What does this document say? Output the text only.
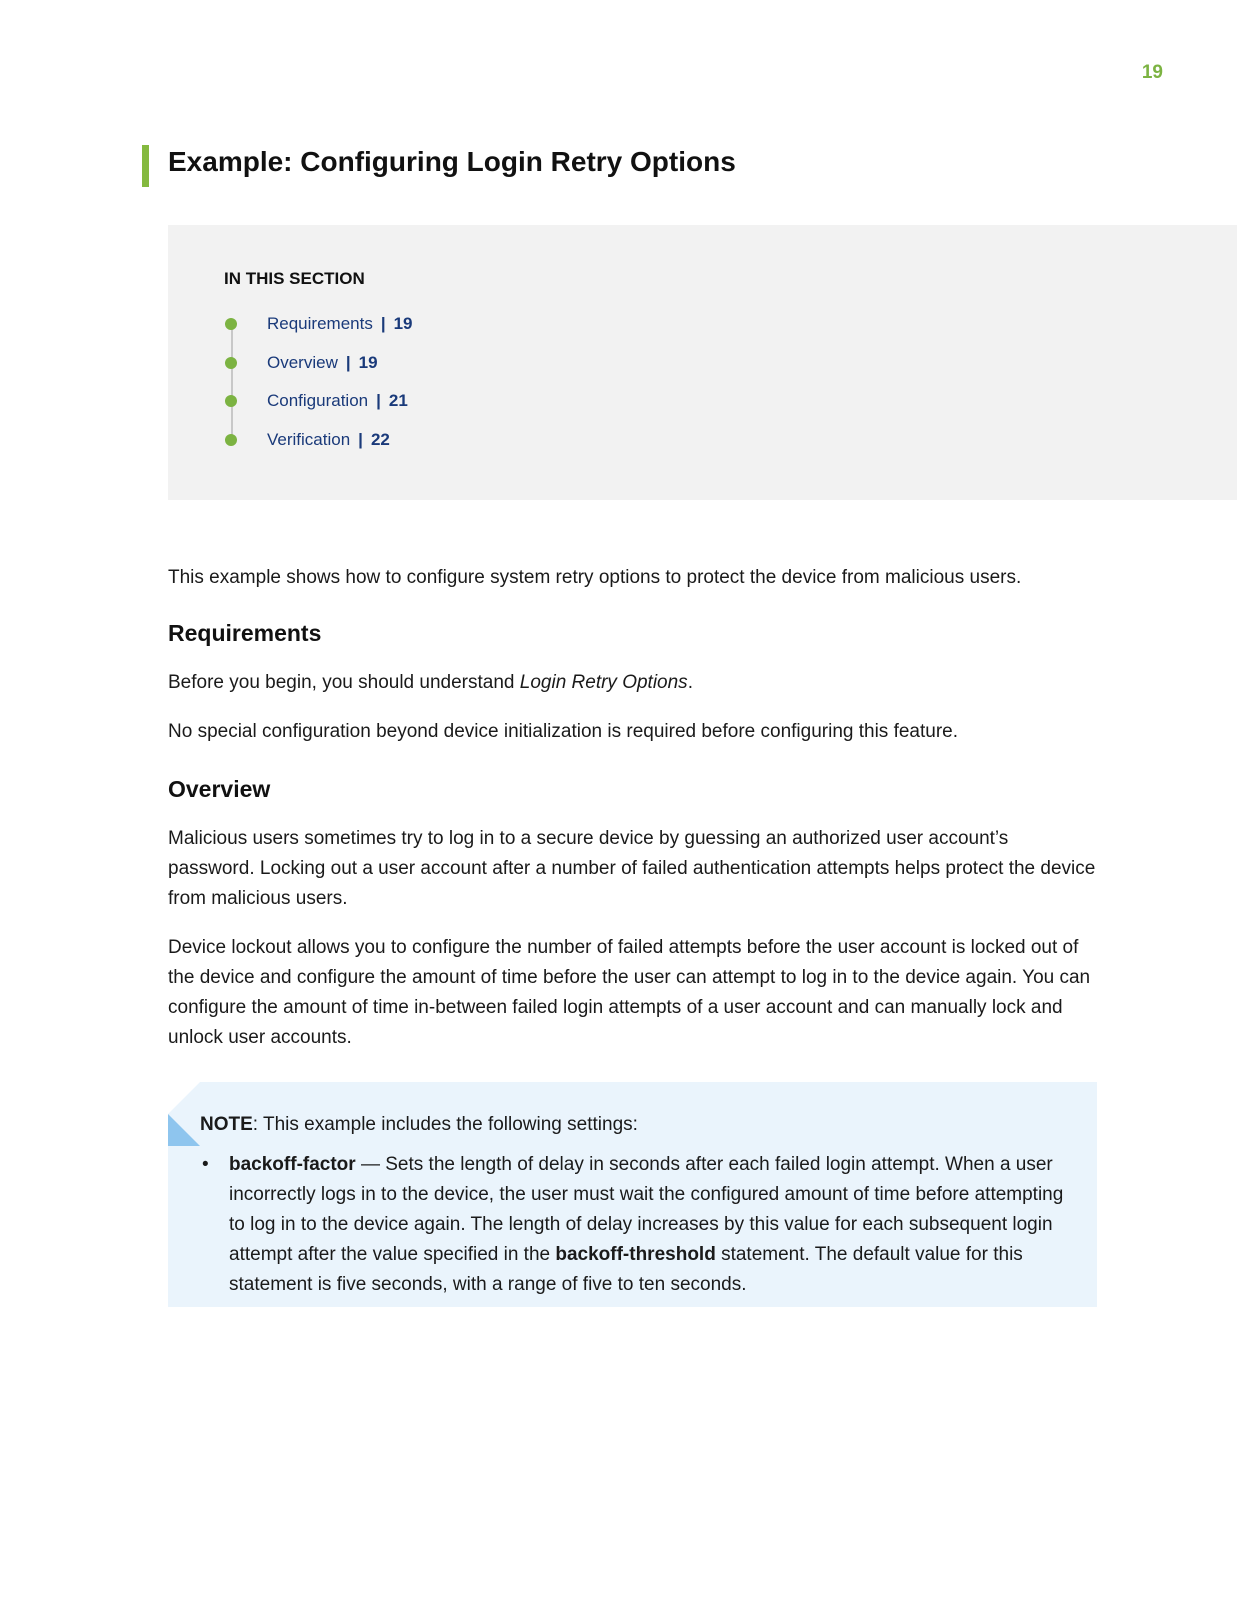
19
Example: Configuring Login Retry Options
IN THIS SECTION
Requirements | 19
Overview | 19
Configuration | 21
Verification | 22

This example shows how to configure system retry options to protect the device from malicious users.

Requirements

Before you begin, you should understand Login Retry Options.

No special configuration beyond device initialization is required before configuring this feature.

Overview

Malicious users sometimes try to log in to a secure device by guessing an authorized user account’s password. Locking out a user account after a number of failed authentication attempts helps protect the device from malicious users.

Device lockout allows you to configure the number of failed attempts before the user account is locked out of the device and configure the amount of time before the user can attempt to log in to the device again. You can configure the amount of time in-between failed login attempts of a user account and can manually lock and unlock user accounts.

NOTE: This example includes the following settings:

• backoff-factor — Sets the length of delay in seconds after each failed login attempt. When a user incorrectly logs in to the device, the user must wait the configured amount of time before attempting to log in to the device again. The length of delay increases by this value for each subsequent login attempt after the value specified in the backoff-threshold statement. The default value for this statement is five seconds, with a range of five to ten seconds.
